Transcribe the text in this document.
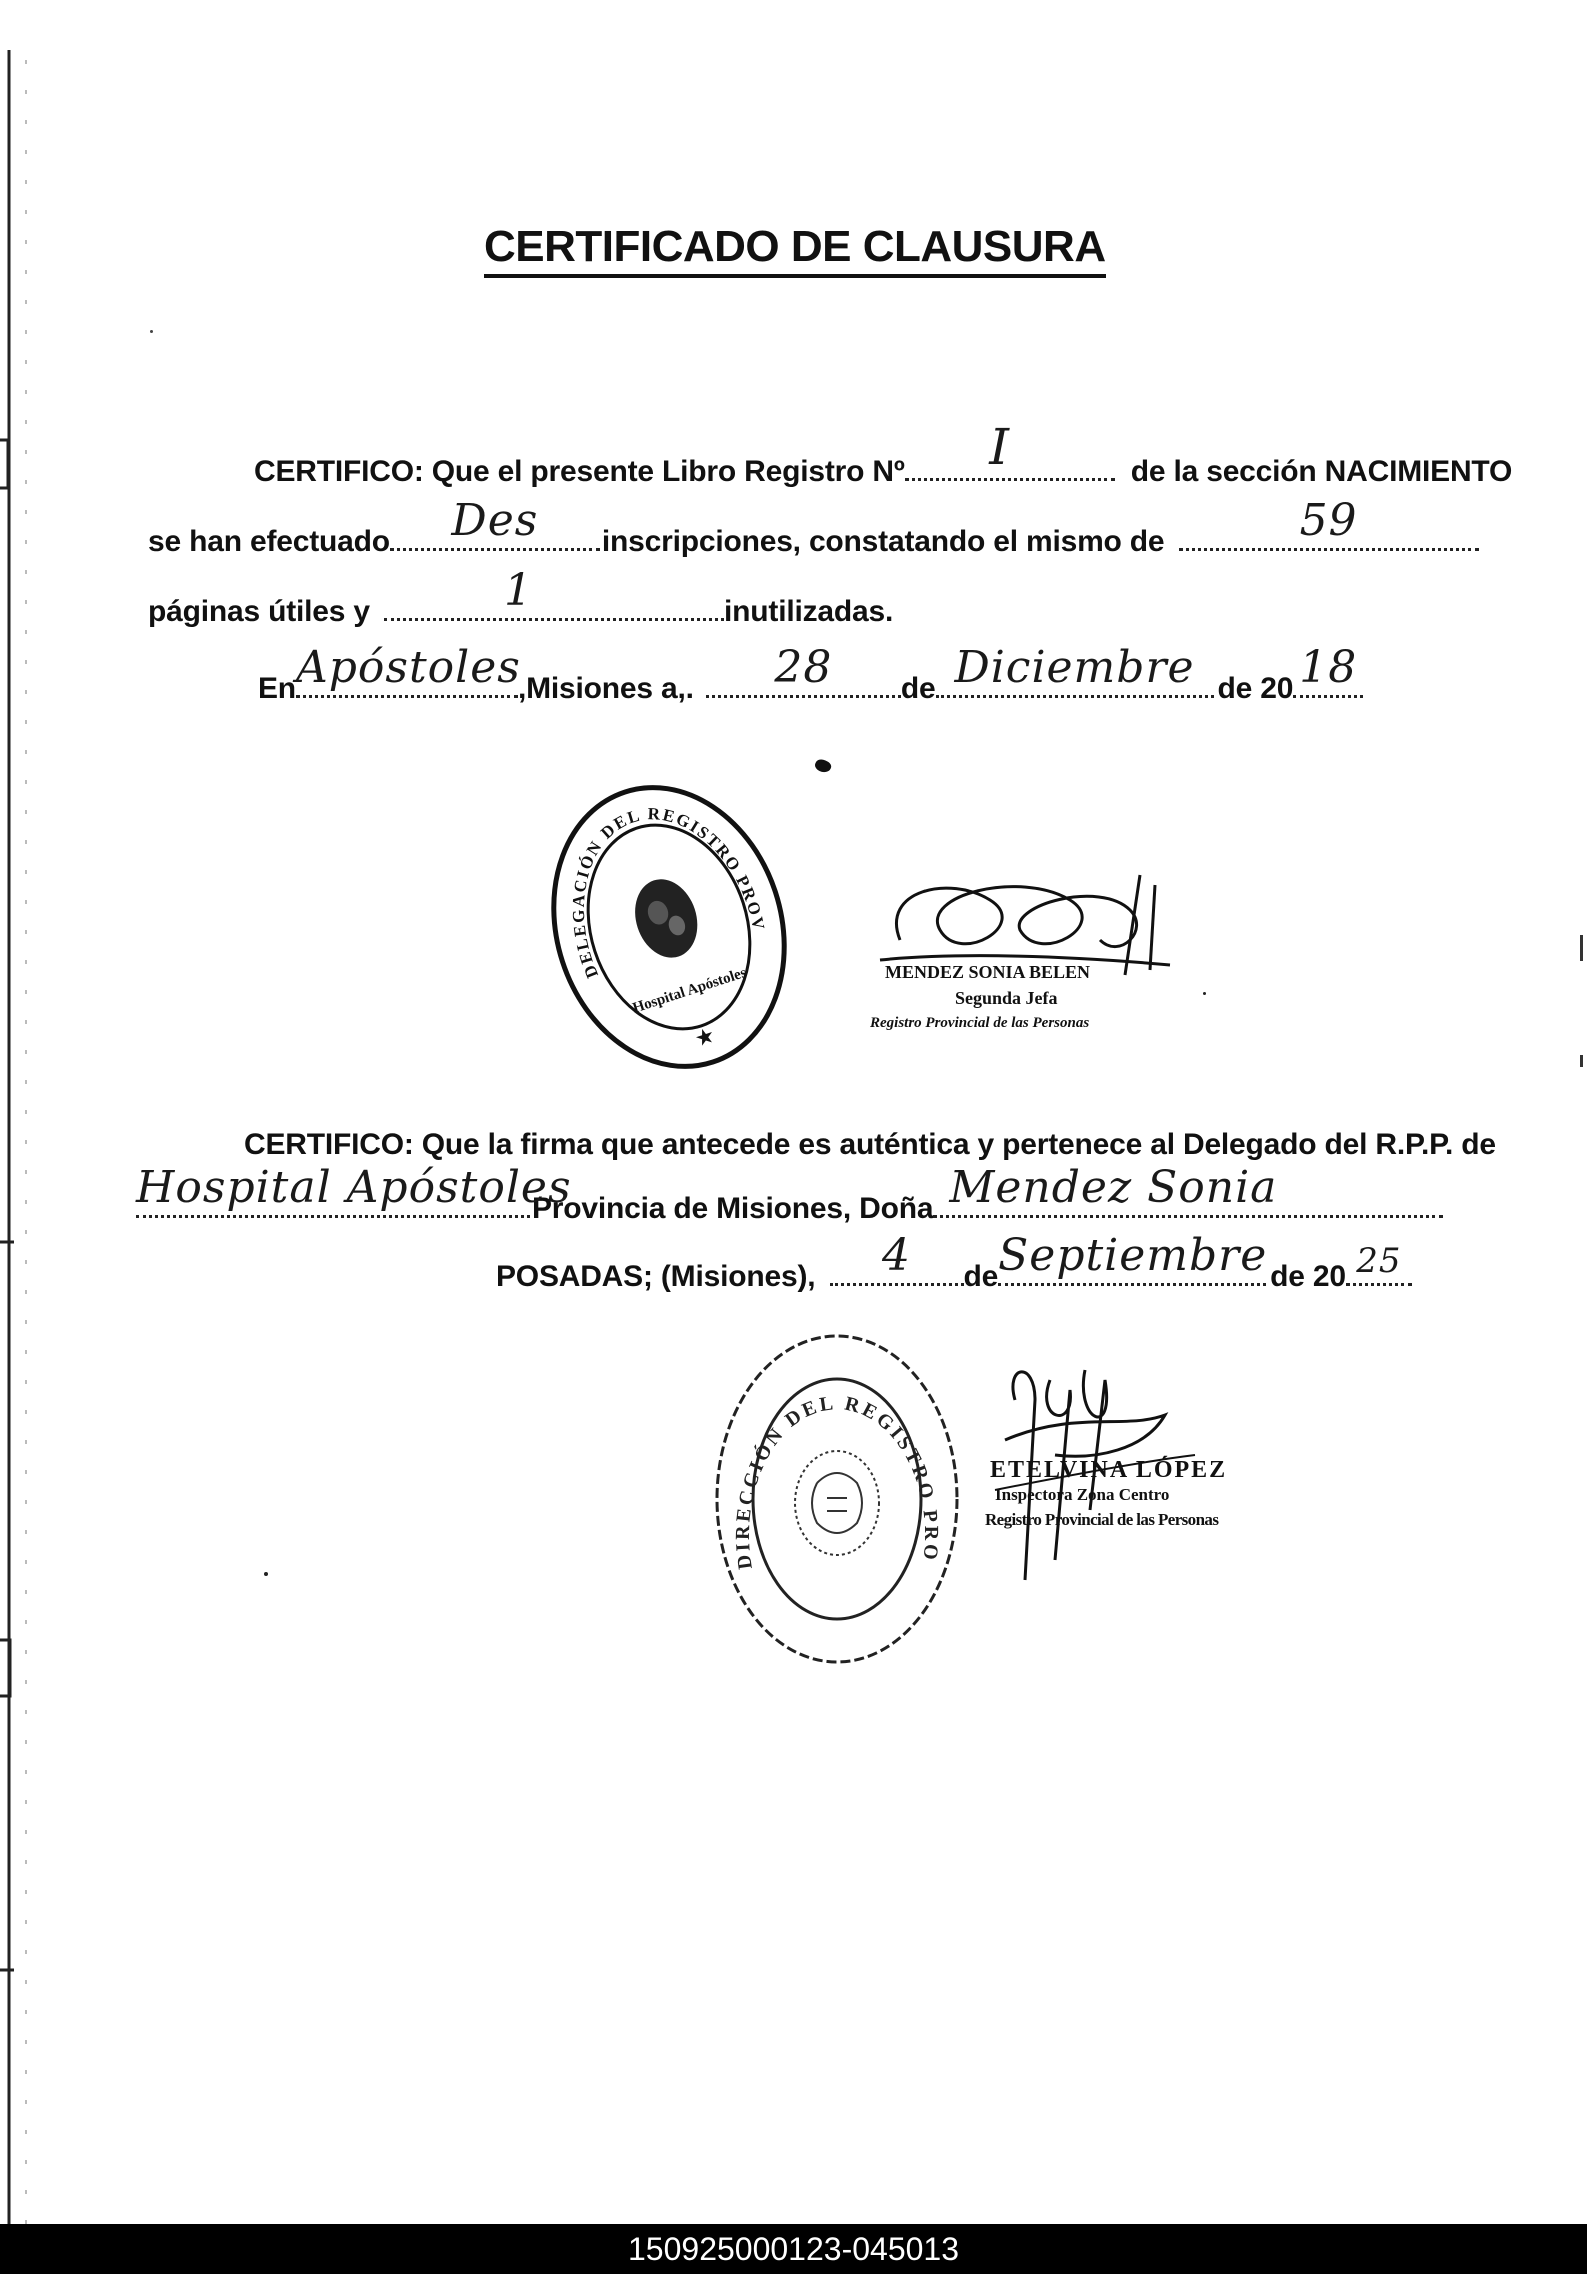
CERTIFICADO DE CLAUSURA
CERTIFICO: Que el presente Libro Registro Nº	I	de la sección NACIMIENTO
se han efectuado	Des	inscripciones, constatando el mismo de	59
páginas útiles y	1	inutilizadas.
En Apóstoles
,Misiones a,.	28	de Diciembre de 20 18
DELEGACIÓN DEL REGISTRO PROVINCIAL
Hospital Apóstoles
★
MENDEZ SONIA BELEN
Segunda Jefa
Registro Provincial de las Personas
CERTIFICO: Que la firma que antecede es auténtica y pertenece al Delegado del R.P.P. de
Hospital Apóstoles
Provincia de Misiones, Doña Mendez Sonia
POSADAS; (Misiones),	4	de Septiembre de 20 25
DIRECCIÓN DEL REGISTRO PRO
ETELVINA LÓPEZ
Inspectora Zona Centro
Registro Provincial de las Personas
150925000123-045013
